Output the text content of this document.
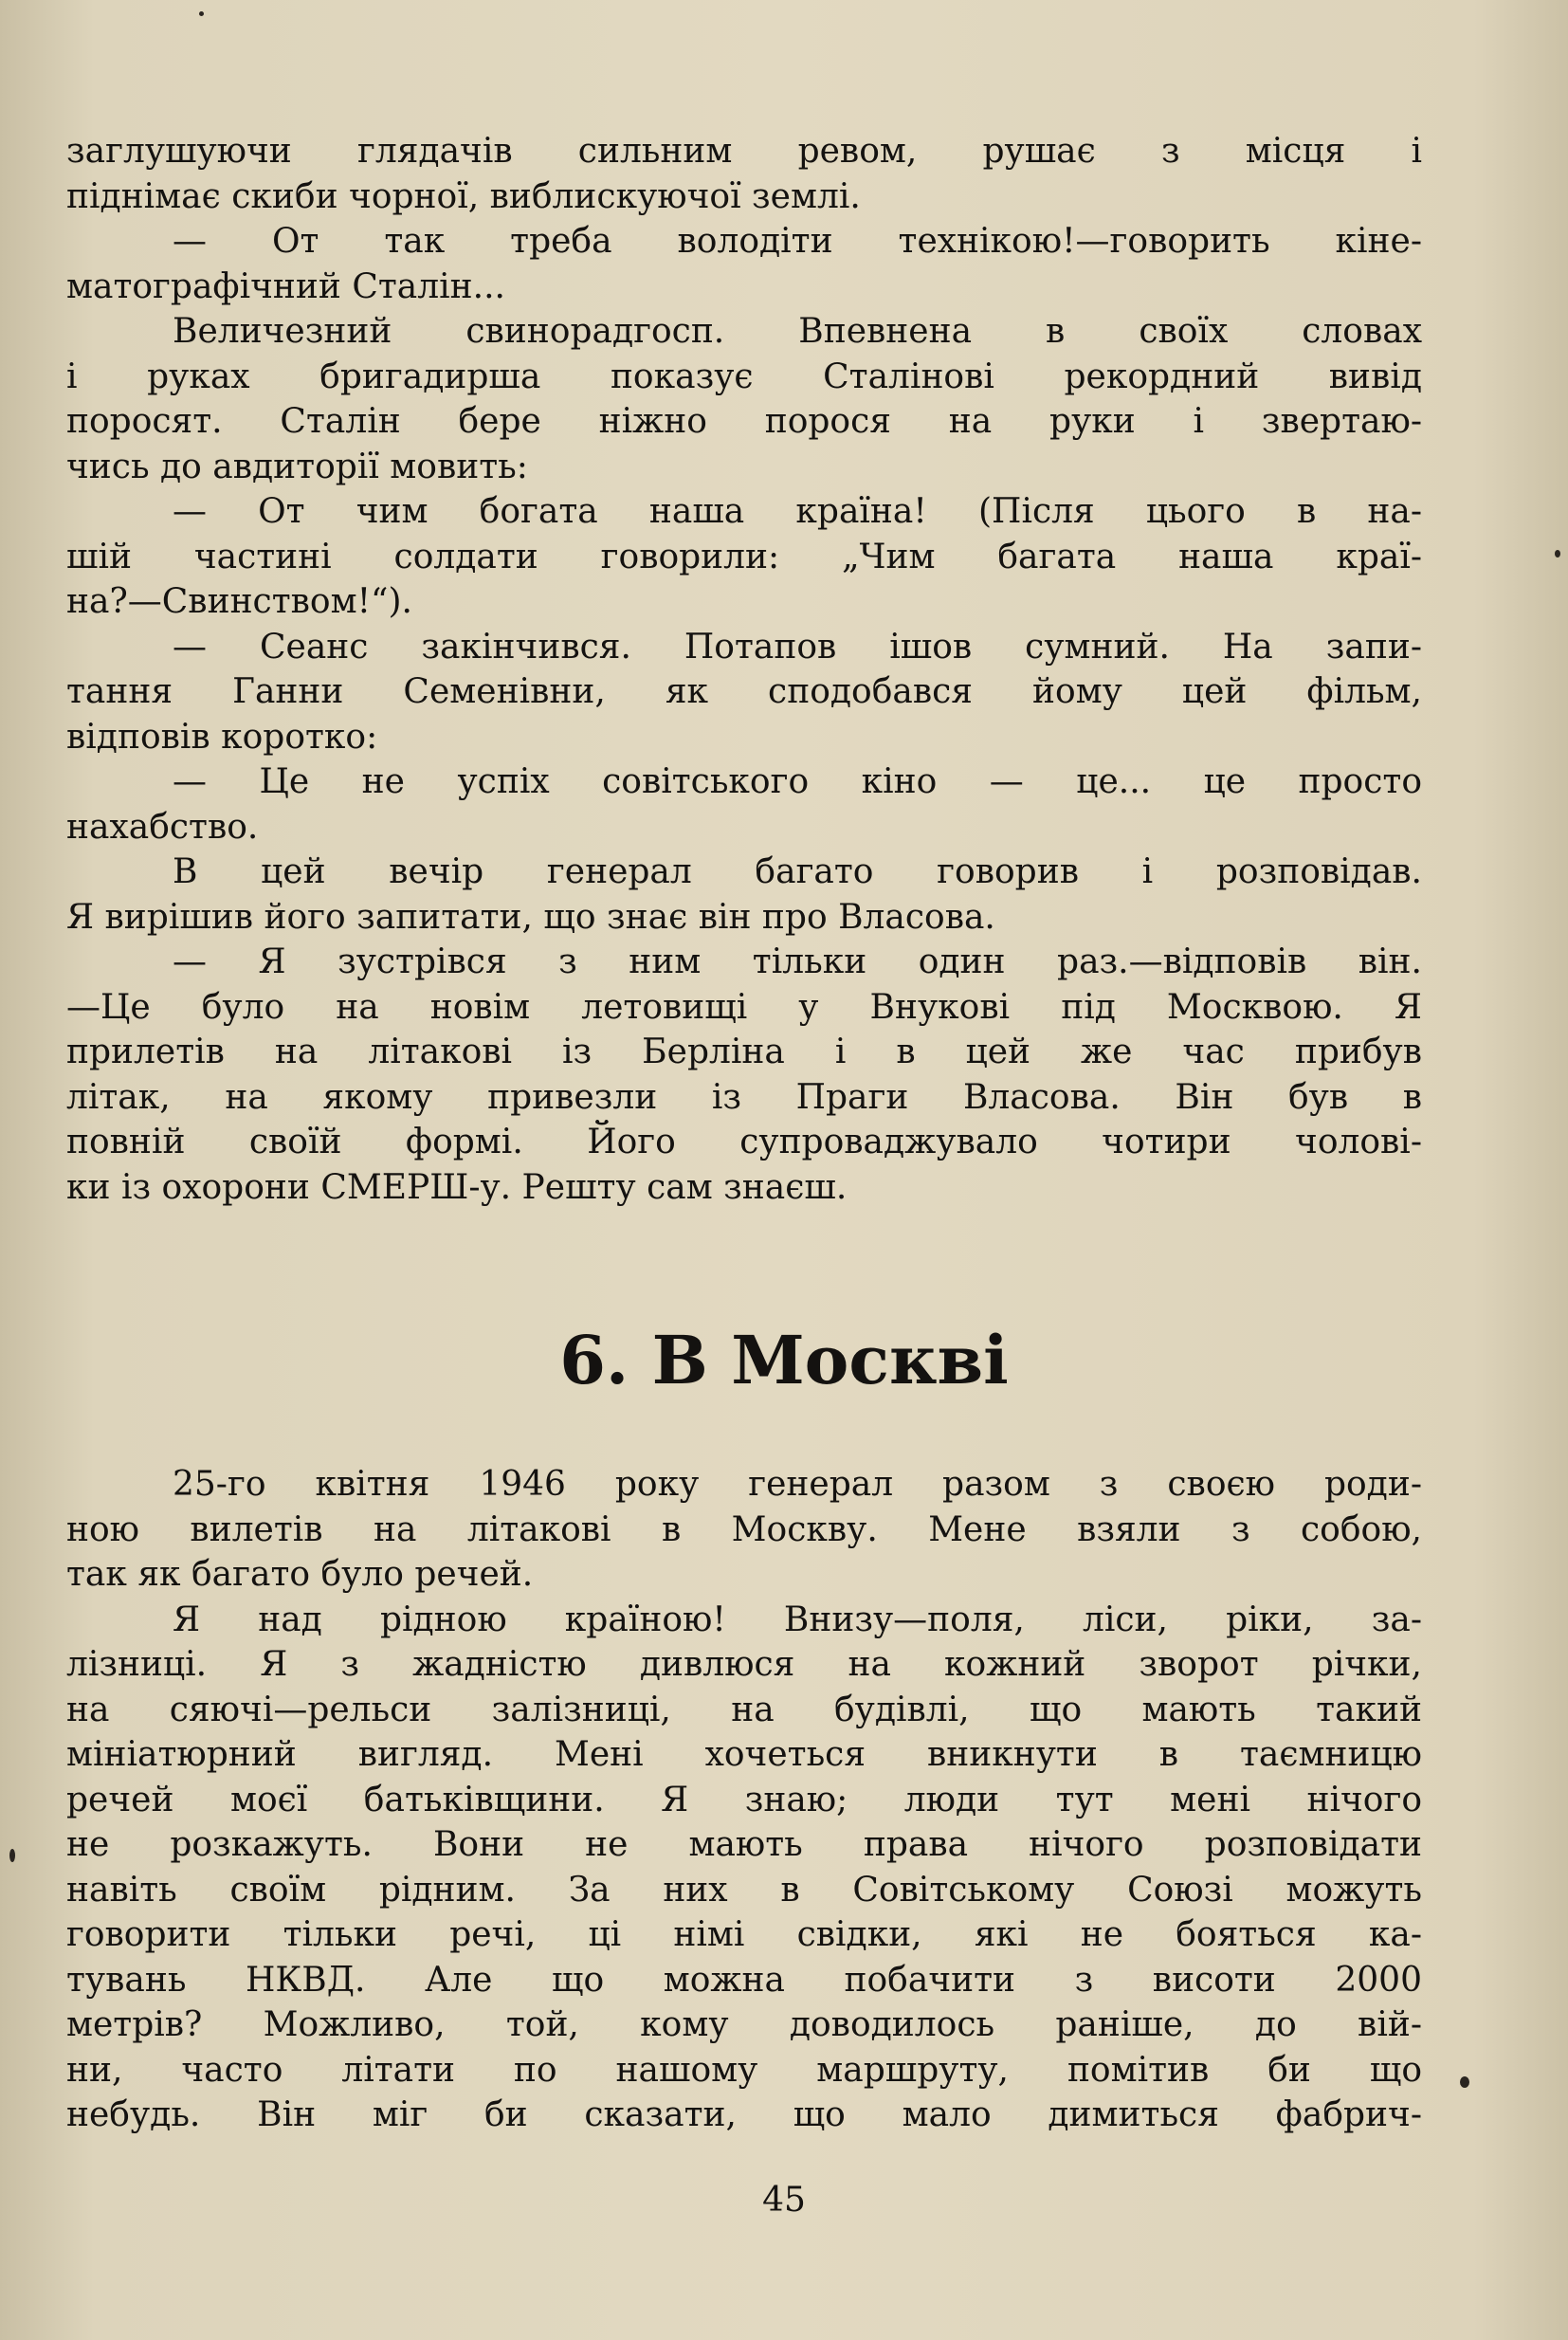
заглушуючи глядачів сильним ревом, рушає з місця і
піднімає скиби чорної, виблискуючої землі.
— От так треба володіти технікою!—говорить кіне-
матографічний Сталін...
Величезний свинорадгосп. Впевнена в своїх словах
і руках бригадирша показує Сталінові рекордний вивід
поросят. Сталін бере ніжно порося на руки і звертаю-
чись до авдиторії мовить:
— От чим богата наша країна! (Після цього в на-
шій частині солдати говорили: „Чим багата наша краї-
на?—Свинством!“).
— Сеанс закінчився. Потапов ішов сумний. На запи-
тання Ганни Семенівни, як сподобався йому цей фільм,
відповів коротко:
— Це не успіх совітського кіно — це... це просто
нахабство.
В цей вечір генерал багато говорив і розповідав.
Я вирішив його запитати, що знає він про Власова.
— Я зустрівся з ним тільки один раз.—відповів він.
—Це було на новім летовищі у Внукові під Москвою. Я
прилетів на літакові із Берліна і в цей же час прибув
літак, на якому привезли із Праги Власова. Він був в
повній своїй формі. Його супроваджувало чотири чолові-
ки із охорони СМЕРШ-у. Решту сам знаєш.
6. В Москві
25-го квітня 1946 року генерал разом з своєю роди-
ною вилетів на літакові в Москву. Мене взяли з собою,
так як багато було речей.
Я над рідною країною! Внизу—поля, ліси, ріки, за-
лізниці. Я з жадністю дивлюся на кожний зворот річки,
на сяючі—рельси залізниці, на будівлі, що мають такий
мініатюрний вигляд. Мені хочеться вникнути в таємницю
речей моєї батьківщини. Я знаю; люди тут мені нічого
не розкажуть. Вони не мають права нічого розповідати
навіть своїм рідним. За них в Совітському Союзі можуть
говорити тільки речі, ці німі свідки, які не бояться ка-
тувань НКВД. Але що можна побачити з висоти 2000
метрів? Можливо, той, кому доводилось раніше, до вій-
ни, часто літати по нашому маршруту, помітив би що
небудь. Він міг би сказати, що мало димиться фабрич-
45
